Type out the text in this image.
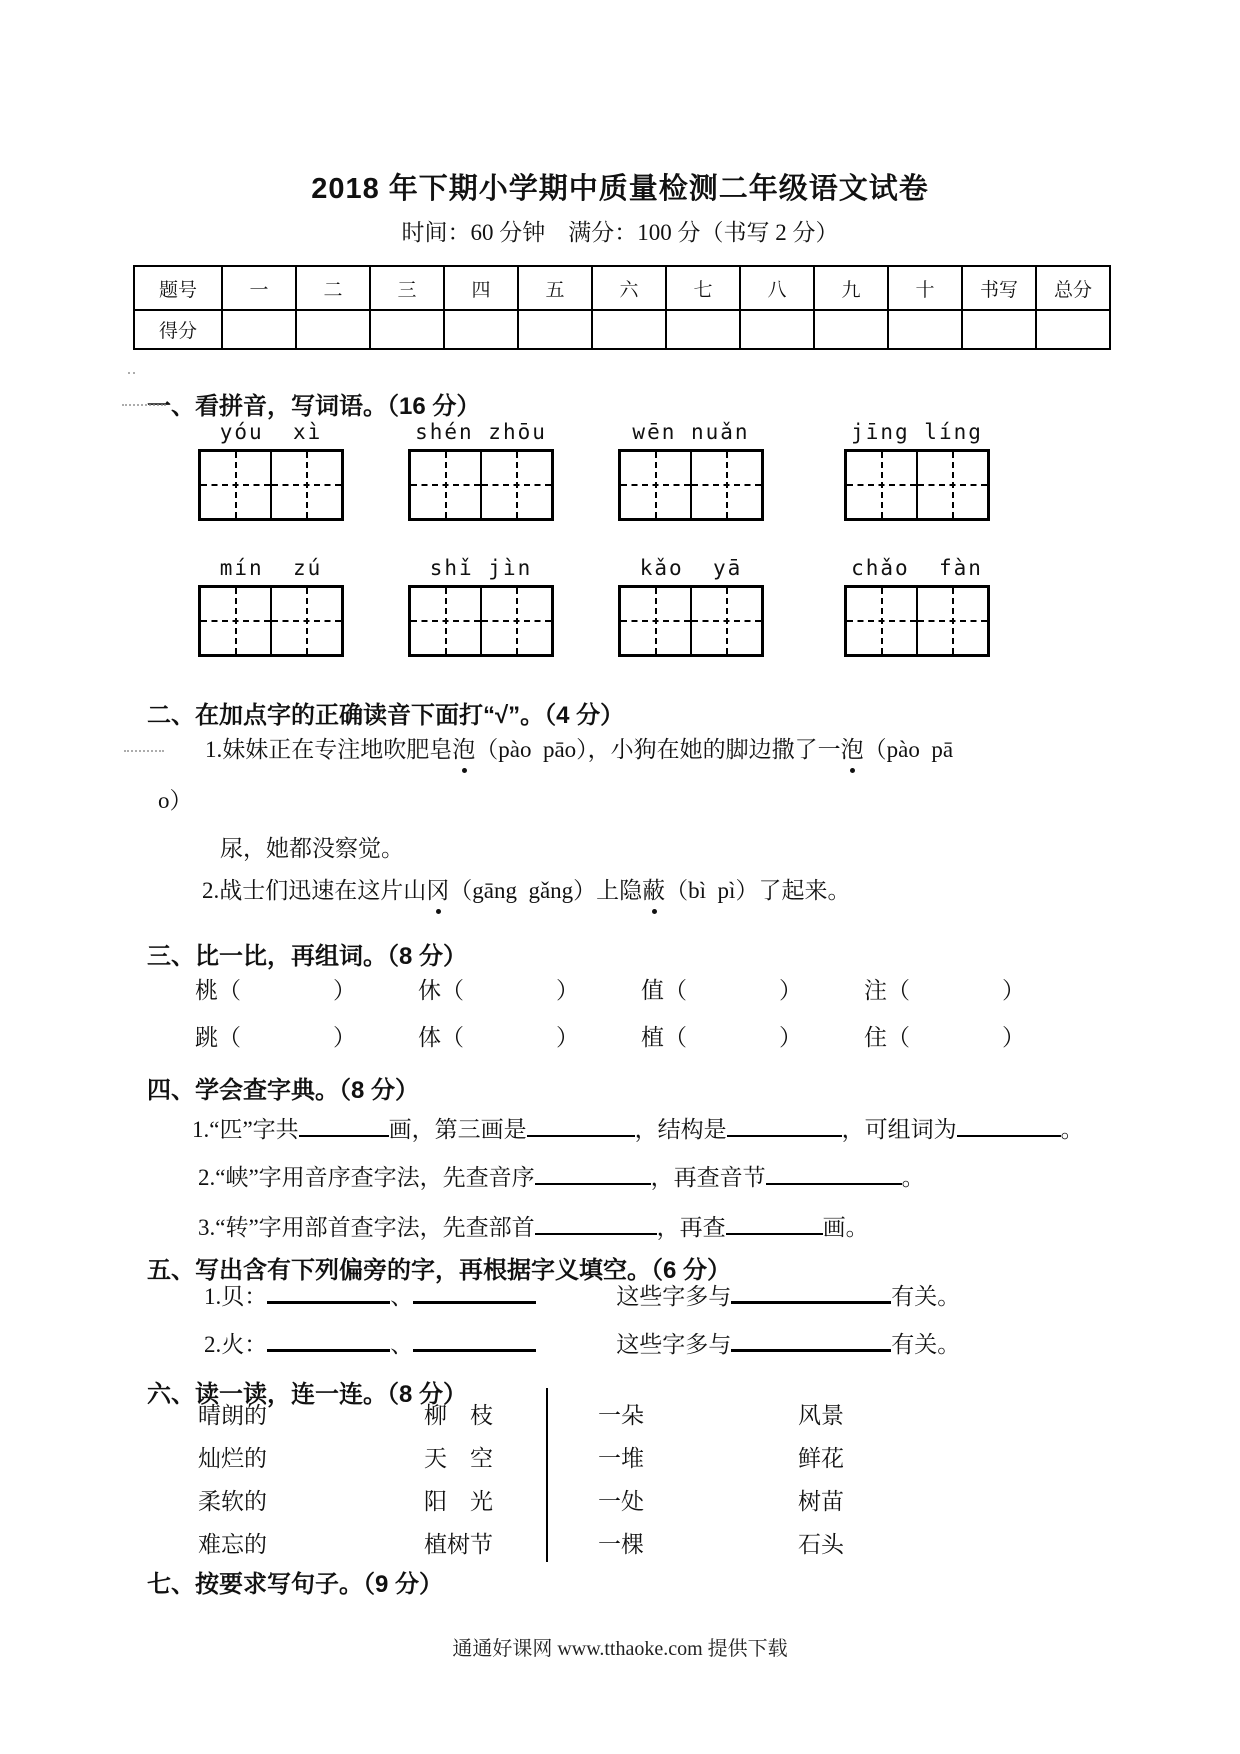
2018 年下期小学期中质量检测二年级语文试卷
时间：60 分钟　满分：100 分（书写 2 分）
题号	一	二	三	四	五	六	七	八	九	十	书写	总分
得分												
一、看拼音，写词语。（16 分）
yóu  xì	shén zhōu	wēn nuǎn	jīng líng
mín  zú	shǐ jìn	kǎo  yā	chǎo  fàn
二、在加点字的正确读音下面打“√”。（4 分）
1.妹妹正在专注地吹肥皂泡（pào  pāo），小狗在她的脚边撒了一泡（pào  pā
o）
尿，她都没察觉。
2.战士们迅速在这片山冈（gāng  gǎng）上隐蔽（bì  pì）了起来。
三、比一比，再组词。（8 分）
桃（	）	休（	）	值（	）	注（	）
跳（	）	体（	）	植（	）	住（	）
四、学会查字典。（8 分）
1.“匹”字共	画，第三画是	，结构是	，可组词为	。
2.“峡”字用音序查字法，先查音序	，再查音节	。
3.“转”字用部首查字法，先查部首	，再查	画。
五、写出含有下列偏旁的字，再根据字义填空。（6 分）
1.贝：	、	这些字多与	有关。
2.火：	、	这些字多与	有关。
六、读一读，连一连。（8 分）
晴朗的	柳　枝
灿烂的	天　空
柔软的	阳　光
难忘的	植树节
一朵	风景
一堆	鲜花
一处	树苗
一棵	石头
七、按要求写句子。（9 分）
通通好课网 www.tthaoke.com 提供下载
